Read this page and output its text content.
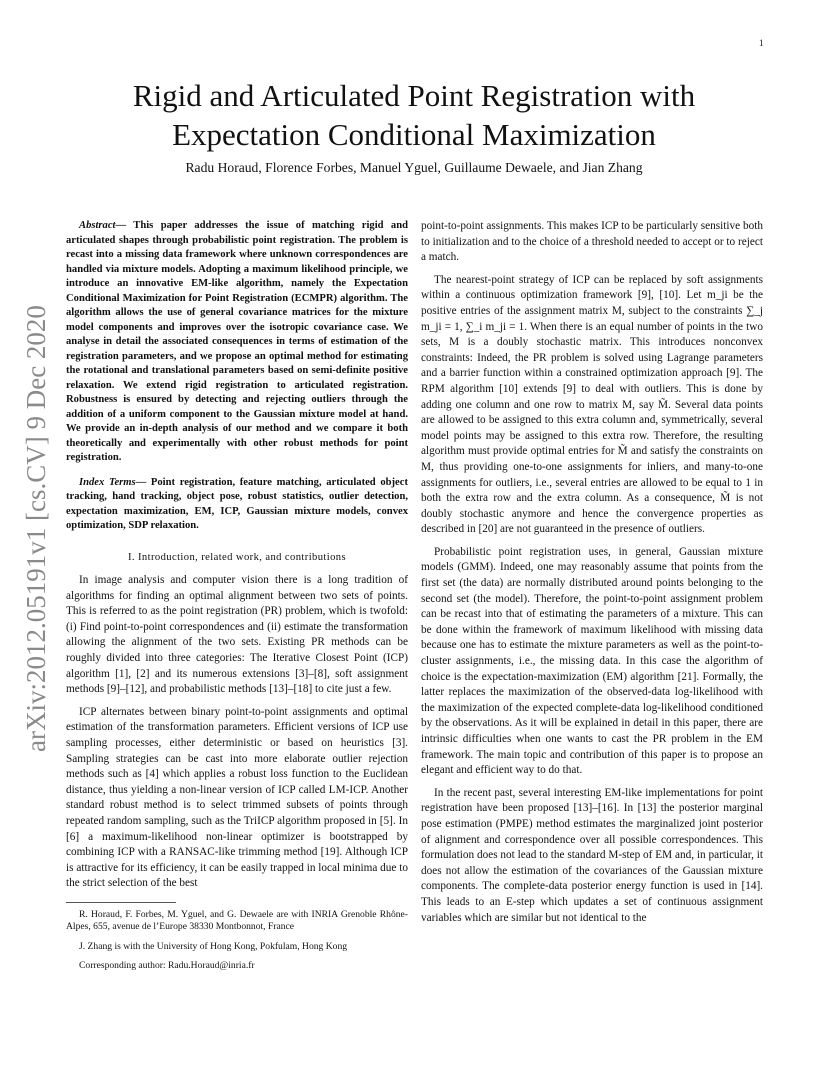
1
Rigid and Articulated Point Registration with Expectation Conditional Maximization

Radu Horaud, Florence Forbes, Manuel Yguel, Guillaume Dewaele, and Jian Zhang

arXiv:2012.05191v1 [cs.CV] 9 Dec 2020

Abstract— This paper addresses the issue of matching rigid and articulated shapes through probabilistic point registration. The problem is recast into a missing data framework where unknown correspondences are handled via mixture models. Adopting a maximum likelihood principle, we introduce an innovative EM-like algorithm, namely the Expectation Conditional Maximization for Point Registration (ECMPR) algorithm. The algorithm allows the use of general covariance matrices for the mixture model components and improves over the isotropic covariance case. We analyse in detail the associated consequences in terms of estimation of the registration parameters, and we propose an optimal method for estimating the rotational and translational parameters based on semi-definite positive relaxation. We extend rigid registration to articulated registration. Robustness is ensured by detecting and rejecting outliers through the addition of a uniform component to the Gaussian mixture model at hand. We provide an in-depth analysis of our method and we compare it both theoretically and experimentally with other robust methods for point registration.

Index Terms— Point registration, feature matching, articulated object tracking, hand tracking, object pose, robust statistics, outlier detection, expectation maximization, EM, ICP, Gaussian mixture models, convex optimization, SDP relaxation.

I. Introduction, related work, and contributions

In image analysis and computer vision there is a long tradition of algorithms for finding an optimal alignment between two sets of points. This is referred to as the point registration (PR) problem, which is twofold: (i) Find point-to-point correspondences and (ii) estimate the transformation allowing the alignment of the two sets. Existing PR methods can be roughly divided into three categories: The Iterative Closest Point (ICP) algorithm [1], [2] and its numerous extensions [3]–[8], soft assignment methods [9]–[12], and probabilistic methods [13]–[18] to cite just a few.

ICP alternates between binary point-to-point assignments and optimal estimation of the transformation parameters. Efficient versions of ICP use sampling processes, either deterministic or based on heuristics [3]. Sampling strategies can be cast into more elaborate outlier rejection methods such as [4] which applies a robust loss function to the Euclidean distance, thus yielding a non-linear version of ICP called LM-ICP. Another standard robust method is to select trimmed subsets of points through repeated random sampling, such as the TriICP algorithm proposed in [5]. In [6] a maximum-likelihood non-linear optimizer is bootstrapped by combining ICP with a RANSAC-like trimming method [19]. Although ICP is attractive for its efficiency, it can be easily trapped in local minima due to the strict selection of the best

R. Horaud, F. Forbes, M. Yguel, and G. Dewaele are with INRIA Grenoble Rhône-Alpes, 655, avenue de l’Europe 38330 Montbonnot, France

J. Zhang is with the University of Hong Kong, Pokfulam, Hong Kong

Corresponding author: Radu.Horaud@inria.fr

point-to-point assignments. This makes ICP to be particularly sensitive both to initialization and to the choice of a threshold needed to accept or to reject a match.

The nearest-point strategy of ICP can be replaced by soft assignments within a continuous optimization framework [9], [10]. Let m_ji be the positive entries of the assignment matrix M, subject to the constraints ∑_j m_ji = 1, ∑_i m_ji = 1. When there is an equal number of points in the two sets, M is a doubly stochastic matrix. This introduces nonconvex constraints: Indeed, the PR problem is solved using Lagrange parameters and a barrier function within a constrained optimization approach [9]. The RPM algorithm [10] extends [9] to deal with outliers. This is done by adding one column and one row to matrix M, say M̃. Several data points are allowed to be assigned to this extra column and, symmetrically, several model points may be assigned to this extra row. Therefore, the resulting algorithm must provide optimal entries for M̃ and satisfy the constraints on M, thus providing one-to-one assignments for inliers, and many-to-one assignments for outliers, i.e., several entries are allowed to be equal to 1 in both the extra row and the extra column. As a consequence, M̃ is not doubly stochastic anymore and hence the convergence properties as described in [20] are not guaranteed in the presence of outliers.

Probabilistic point registration uses, in general, Gaussian mixture models (GMM). Indeed, one may reasonably assume that points from the first set (the data) are normally distributed around points belonging to the second set (the model). Therefore, the point-to-point assignment problem can be recast into that of estimating the parameters of a mixture. This can be done within the framework of maximum likelihood with missing data because one has to estimate the mixture parameters as well as the point-to-cluster assignments, i.e., the missing data. In this case the algorithm of choice is the expectation-maximization (EM) algorithm [21]. Formally, the latter replaces the maximization of the observed-data log-likelihood with the maximization of the expected complete-data log-likelihood conditioned by the observations. As it will be explained in detail in this paper, there are intrinsic difficulties when one wants to cast the PR problem in the EM framework. The main topic and contribution of this paper is to propose an elegant and efficient way to do that.

In the recent past, several interesting EM-like implementations for point registration have been proposed [13]–[16]. In [13] the posterior marginal pose estimation (PMPE) method estimates the marginalized joint posterior of alignment and correspondence over all possible correspondences. This formulation does not lead to the standard M-step of EM and, in particular, it does not allow the estimation of the covariances of the Gaussian mixture components. The complete-data posterior energy function is used in [14]. This leads to an E-step which updates a set of continuous assignment variables which are similar but not identical to the
